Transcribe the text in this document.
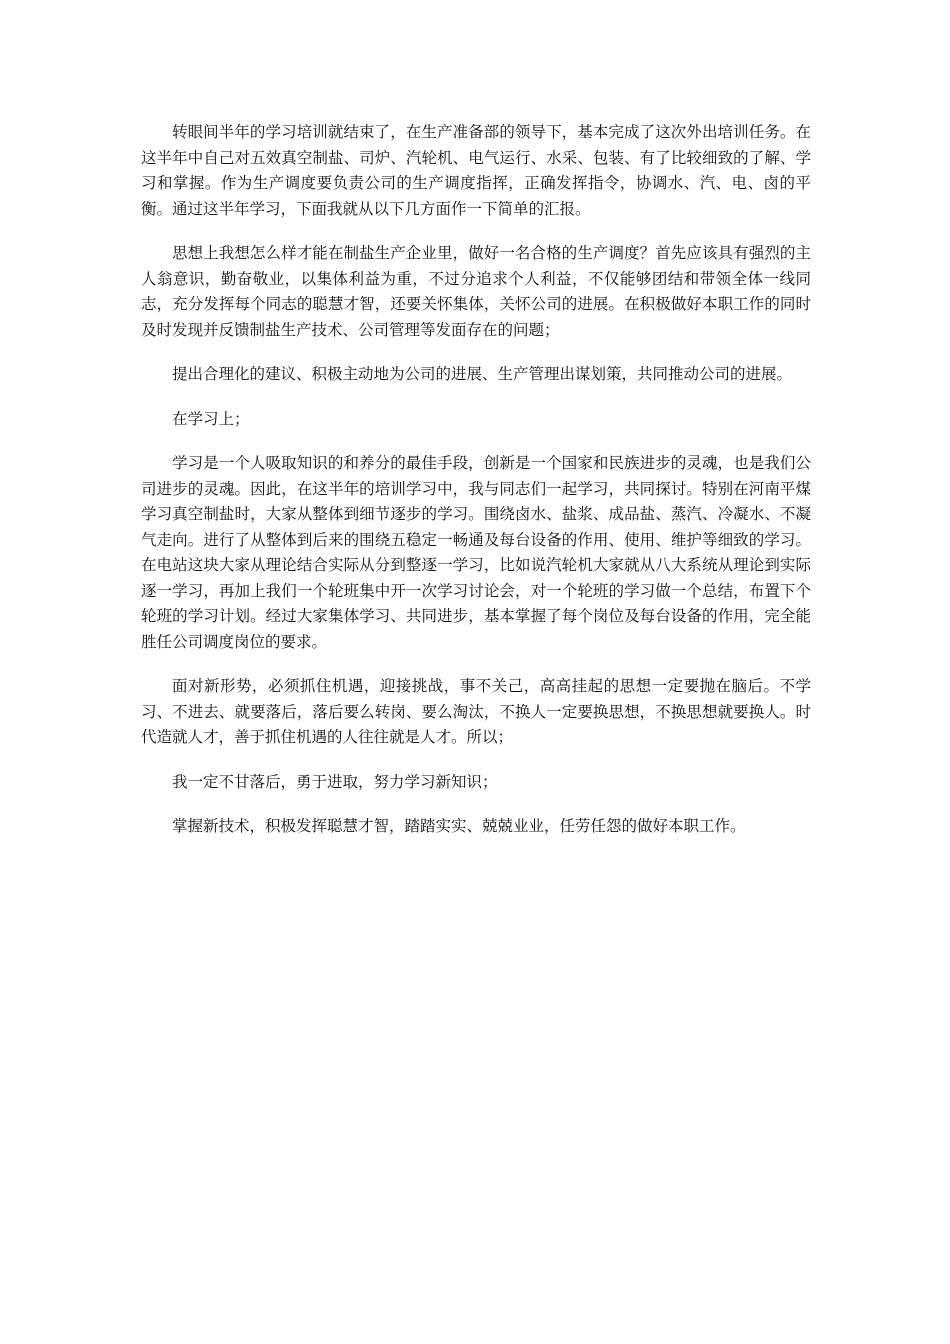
转眼间半年的学习培训就结束了，在生产准备部的领导下，基本完成了这次外出培训任务。在这半年中自己对五效真空制盐、司炉、汽轮机、电气运行、水采、包装、有了比较细致的了解、学习和掌握。作为生产调度要负责公司的生产调度指挥，正确发挥指令，协调水、汽、电、卤的平衡。通过这半年学习，下面我就从以下几方面作一下简单的汇报。

思想上我想怎么样才能在制盐生产企业里，做好一名合格的生产调度？首先应该具有强烈的主人翁意识，勤奋敬业，以集体利益为重，不过分追求个人利益，不仅能够团结和带领全体一线同志，充分发挥每个同志的聪慧才智，还要关怀集体，关怀公司的进展。在积极做好本职工作的同时及时发现并反馈制盐生产技术、公司管理等发面存在的问题；

提出合理化的建议、积极主动地为公司的进展、生产管理出谋划策，共同推动公司的进展。

在学习上；

学习是一个人吸取知识的和养分的最佳手段，创新是一个国家和民族进步的灵魂，也是我们公司进步的灵魂。因此，在这半年的培训学习中，我与同志们一起学习，共同探讨。特别在河南平煤学习真空制盐时，大家从整体到细节逐步的学习。围绕卤水、盐浆、成品盐、蒸汽、冷凝水、不凝气走向。进行了从整体到后来的围绕五稳定一畅通及每台设备的作用、使用、维护等细致的学习。在电站这块大家从理论结合实际从分到整逐一学习，比如说汽轮机大家就从八大系统从理论到实际逐一学习，再加上我们一个轮班集中开一次学习讨论会，对一个轮班的学习做一个总结，布置下个轮班的学习计划。经过大家集体学习、共同进步，基本掌握了每个岗位及每台设备的作用，完全能胜任公司调度岗位的要求。

面对新形势，必须抓住机遇，迎接挑战，事不关己，高高挂起的思想一定要抛在脑后。不学习、不进去、就要落后，落后要么转岗、要么淘汰，不换人一定要换思想，不换思想就要换人。时代造就人才，善于抓住机遇的人往往就是人才。所以；

我一定不甘落后，勇于进取，努力学习新知识；

掌握新技术，积极发挥聪慧才智，踏踏实实、兢兢业业，任劳任怨的做好本职工作。
